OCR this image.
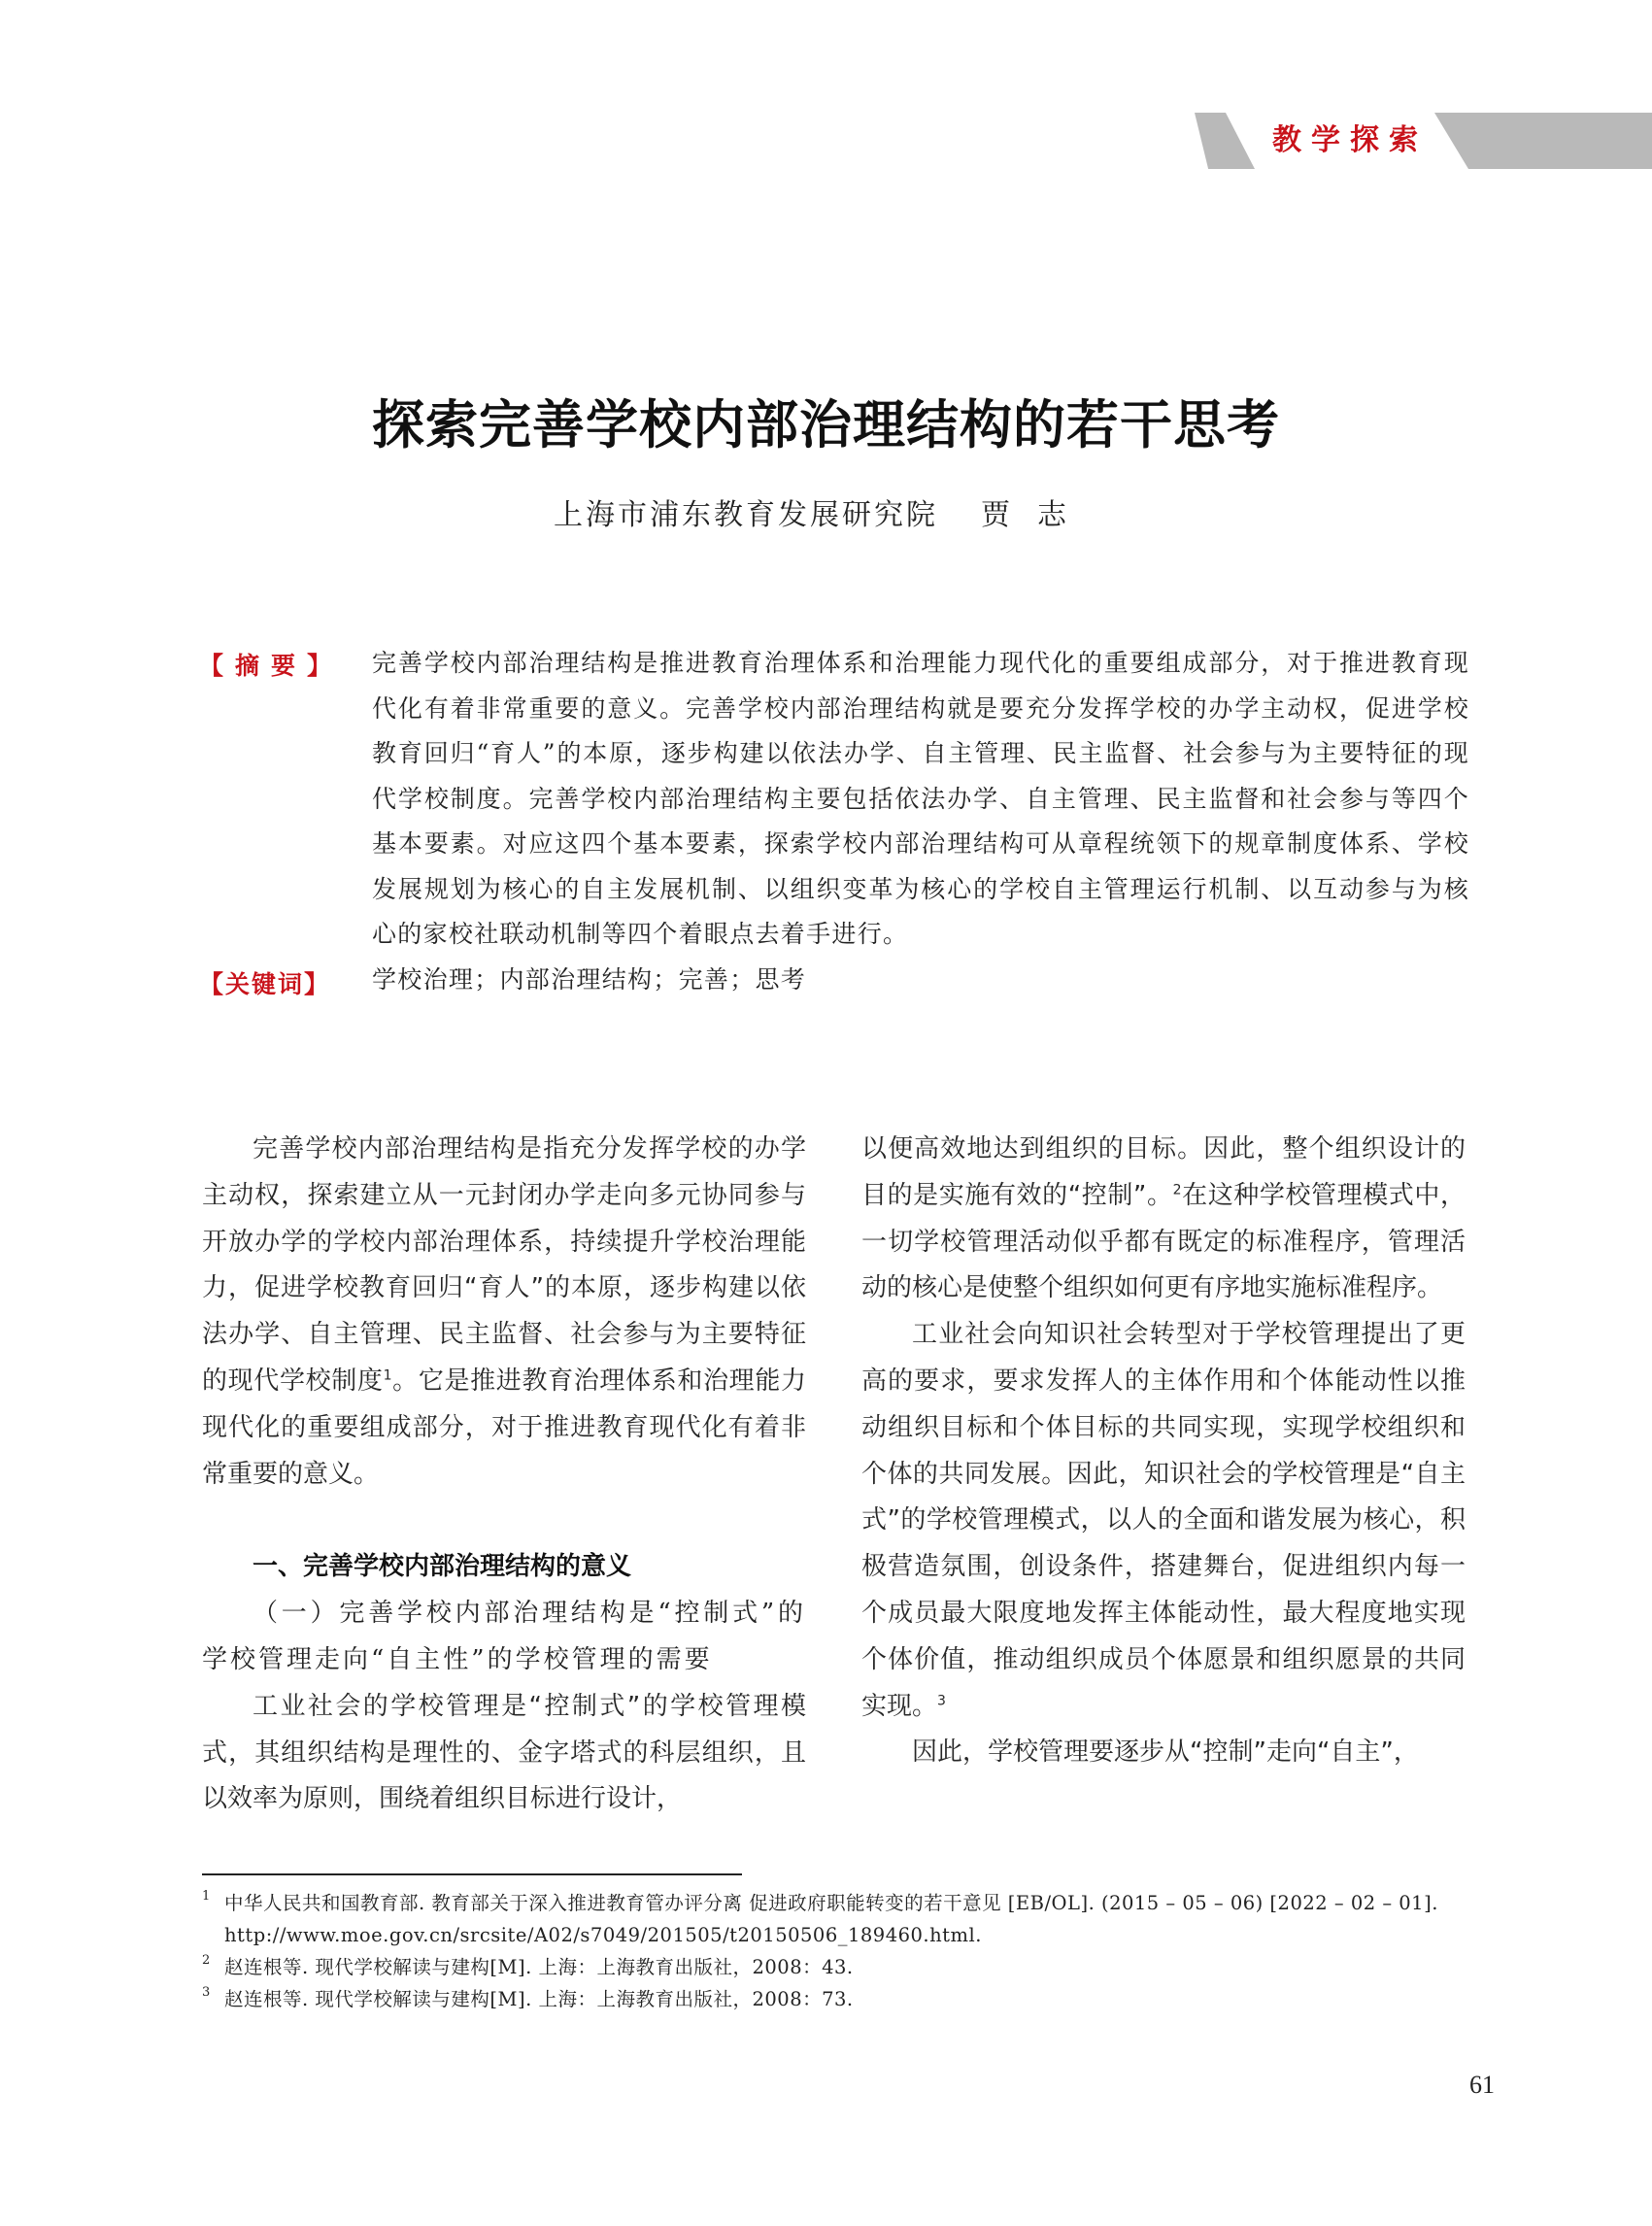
教学探索
探索完善学校内部治理结构的若干思考
上海市浦东教育发展研究院 贾志
【摘要】 完善学校内部治理结构是推进教育治理体系和治理能力现代化的重要组成部分，对于推进教育现代化有着非常重要的意义。完善学校内部治理结构就是要充分发挥学校的办学主动权，促进学校教育回归“育人”的本原，逐步构建以依法办学、自主管理、民主监督、社会参与为主要特征的现代学校制度。完善学校内部治理结构主要包括依法办学、自主管理、民主监督和社会参与等四个基本要素。对应这四个基本要素，探索学校内部治理结构可从章程统领下的规章制度体系、学校发展规划为核心的自主发展机制、以组织变革为核心的学校自主管理运行机制、以互动参与为核心的家校社联动机制等四个着眼点去着手进行。
【关键词】 学校治理；内部治理结构；完善；思考

完善学校内部治理结构是指充分发挥学校的办学主动权，探索建立从一元封闭办学走向多元协同参与开放办学的学校内部治理体系，持续提升学校治理能力，促进学校教育回归“育人”的本原，逐步构建以依法办学、自主管理、民主监督、社会参与为主要特征的现代学校制度$^1$。它是推进教育治理体系和治理能力现代化的重要组成部分，对于推进教育现代化有着非常重要的意义。

一、完善学校内部治理结构的意义

（一）完善学校内部治理结构是“控制式”的学校管理走向“自主性”的学校管理的需要

工业社会的学校管理是“控制式”的学校管理模式，其组织结构是理性的、金字塔式的科层组织，且以效率为原则，围绕着组织目标进行设计，

以便高效地达到组织的目标。因此，整个组织设计的目的是实施有效的“控制”。$^2$在这种学校管理模式中，一切学校管理活动似乎都有既定的标准程序，管理活动的核心是使整个组织如何更有序地实施标准程序。

工业社会向知识社会转型对于学校管理提出了更高的要求，要求发挥人的主体作用和个体能动性以推动组织目标和个体目标的共同实现，实现学校组织和个体的共同发展。因此，知识社会的学校管理是“自主式”的学校管理模式，以人的全面和谐发展为核心，积极营造氛围，创设条件，搭建舞台，促进组织内每一个成员最大限度地发挥主体能动性，最大程度地实现个体价值，推动组织成员个体愿景和组织愿景的共同实现。$^3$

因此，学校管理要逐步从“控制”走向“自主”，

1 中华人民共和国教育部. 教育部关于深入推进教育管办评分离 促进政府职能转变的若干意见 [EB/OL]. (2015 – 05 – 06) [2022 – 02 – 01]. http://www.moe.gov.cn/srcsite/A02/s7049/201505/t20150506_189460.html.
2 赵连根等. 现代学校解读与建构[M]. 上海：上海教育出版社，2008：43.
3 赵连根等. 现代学校解读与建构[M]. 上海：上海教育出版社，2008：73.
61
